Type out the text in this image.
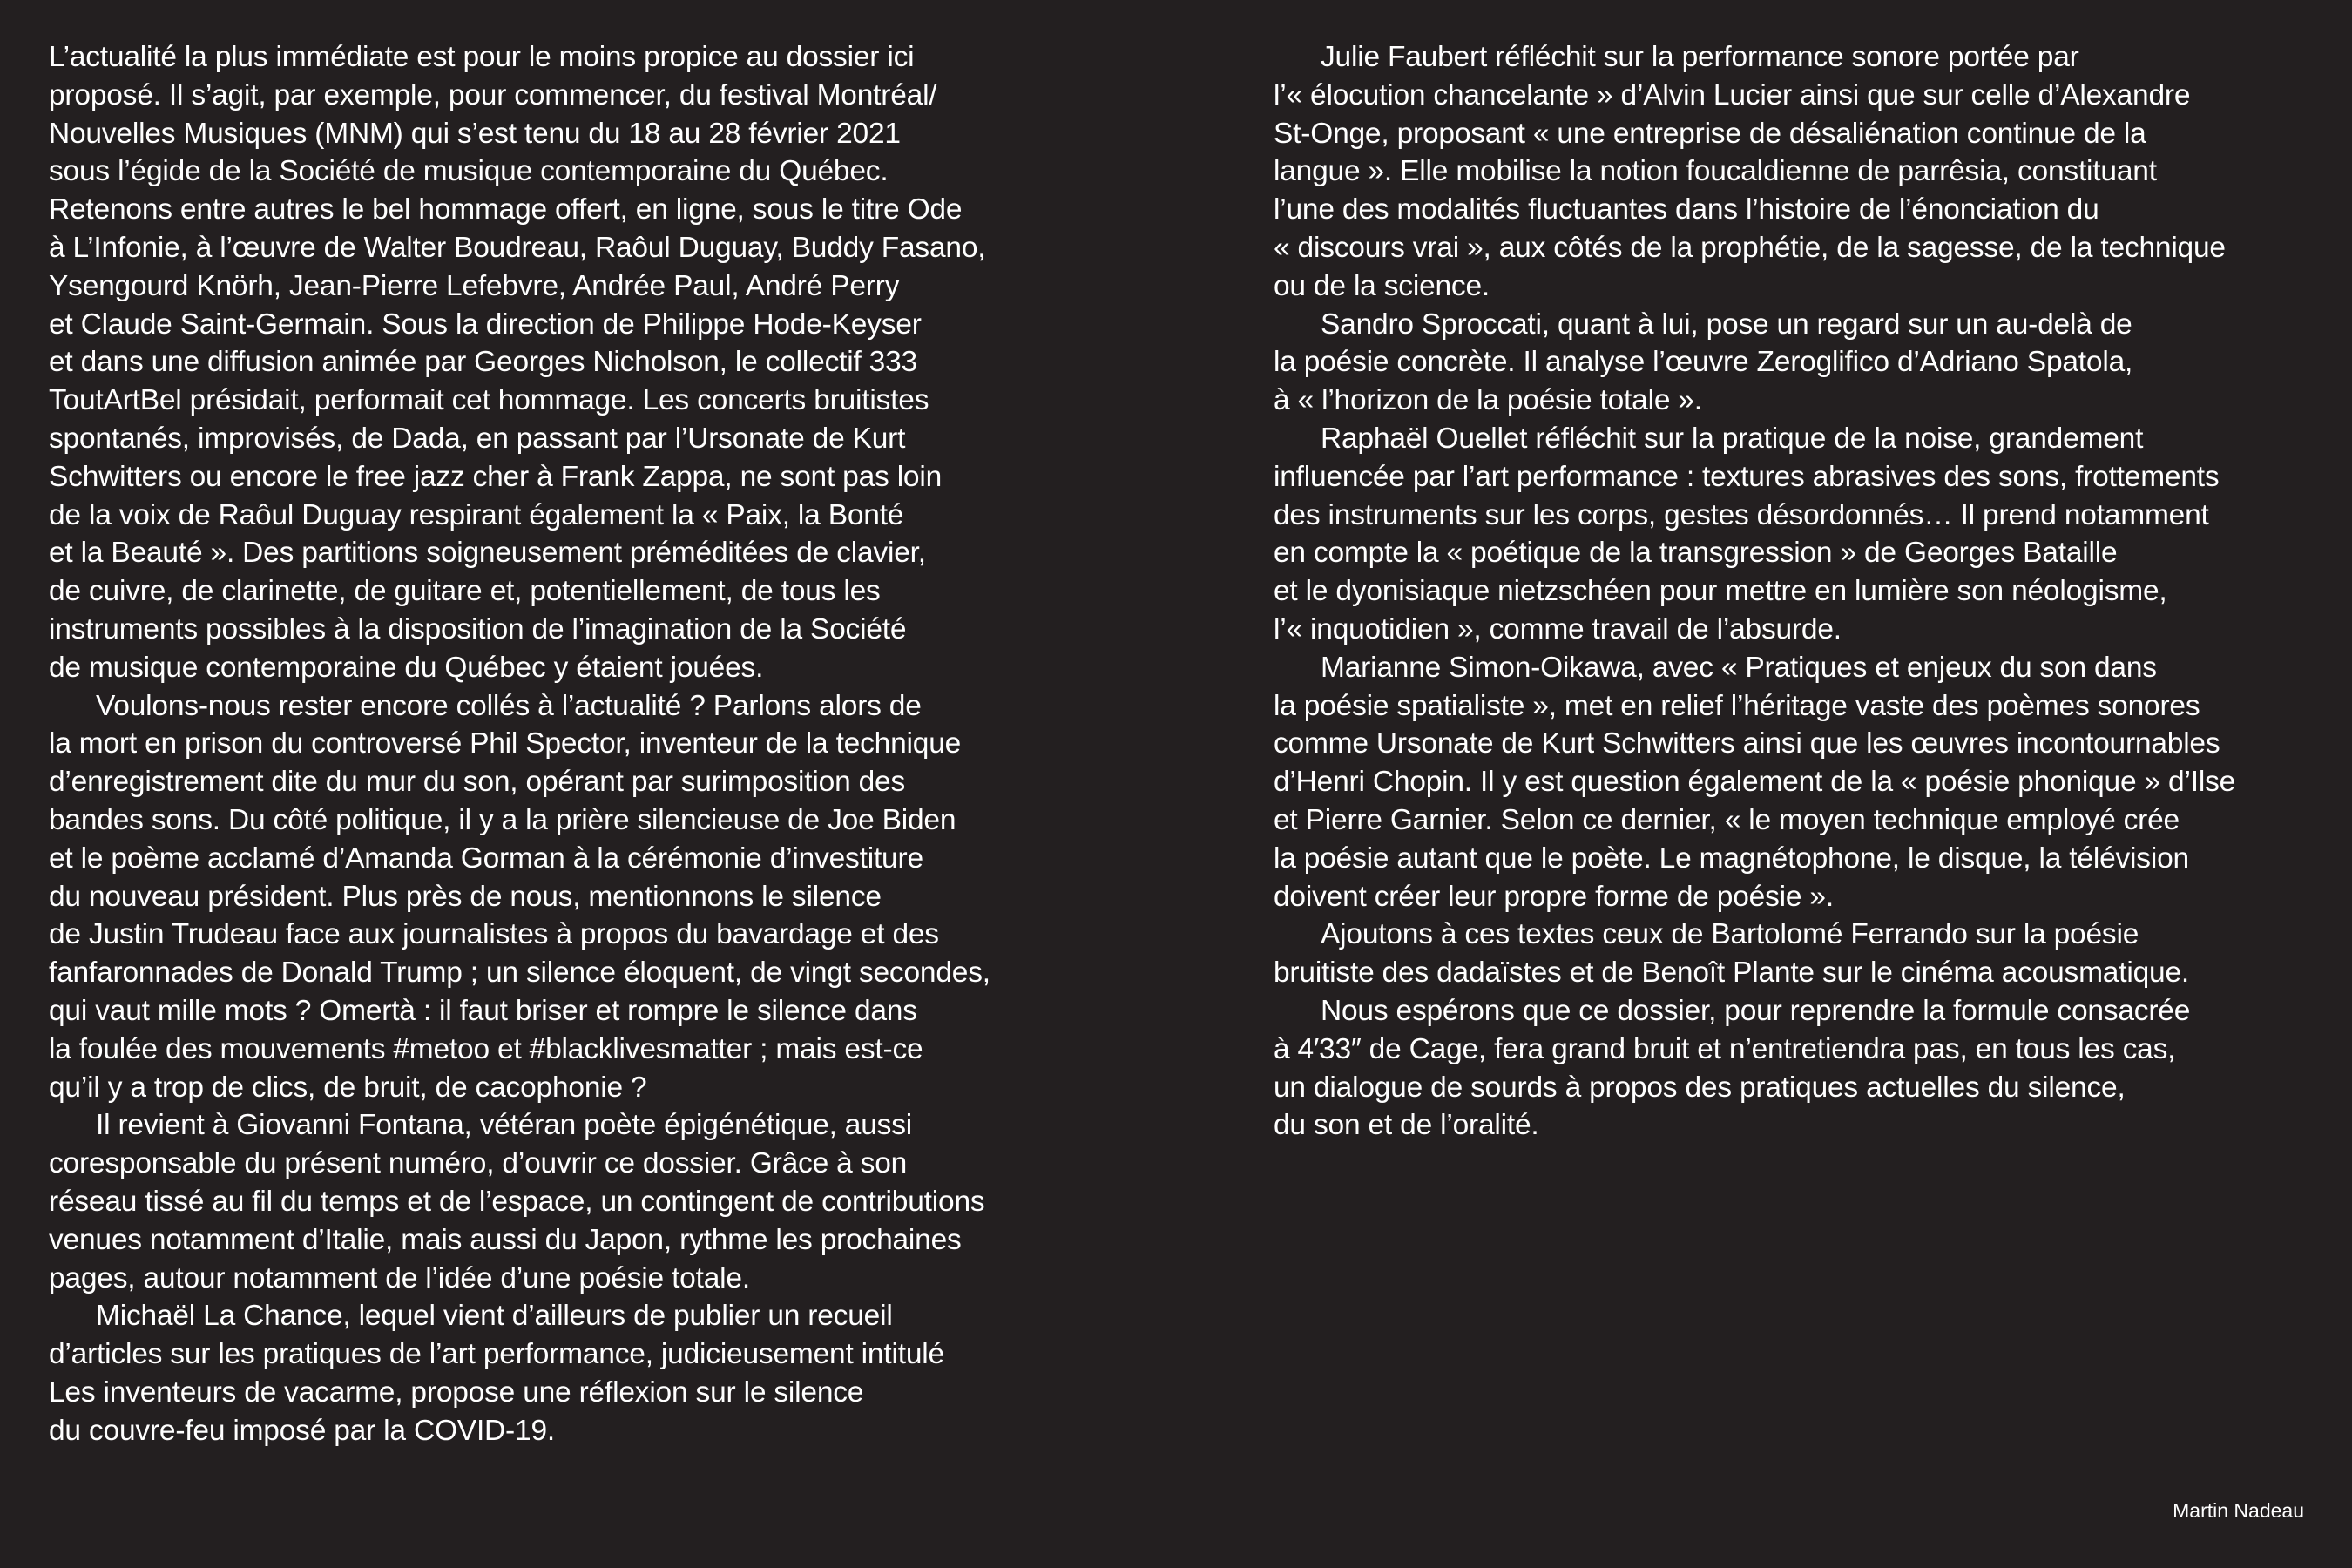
L’actualité la plus immédiate est pour le moins propice au dossier ici
proposé. Il s’agit, par exemple, pour commencer, du festival Montréal/
Nouvelles Musiques (MNM) qui s’est tenu du 18 au 28 février 2021
sous l’égide de la Société de musique contemporaine du Québec.
Retenons entre autres le bel hommage offert, en ligne, sous le titre Ode
à L’Infonie, à l’œuvre de Walter Boudreau, Raôul Duguay, Buddy Fasano,
Ysengourd Knörh, Jean-Pierre Lefebvre, Andrée Paul, André Perry
et Claude Saint-Germain. Sous la direction de Philippe Hode-Keyser
et dans une diffusion animée par Georges Nicholson, le collectif 333
ToutArtBel présidait, performait cet hommage. Les concerts bruitistes
spontanés, improvisés, de Dada, en passant par l’Ursonate de Kurt
Schwitters ou encore le free jazz cher à Frank Zappa, ne sont pas loin
de la voix de Raôul Duguay respirant également la « Paix, la Bonté
et la Beauté ». Des partitions soigneusement préméditées de clavier,
de cuivre, de clarinette, de guitare et, potentiellement, de tous les
instruments possibles à la disposition de l’imagination de la Société
de musique contemporaine du Québec y étaient jouées.
Voulons-nous rester encore collés à l’actualité ? Parlons alors de
la mort en prison du controversé Phil Spector, inventeur de la technique
d’enregistrement dite du mur du son, opérant par surimposition des
bandes sons. Du côté politique, il y a la prière silencieuse de Joe Biden
et le poème acclamé d’Amanda Gorman à la cérémonie d’investiture
du nouveau président. Plus près de nous, mentionnons le silence
de Justin Trudeau face aux journalistes à propos du bavardage et des
fanfaronnades de Donald Trump ; un silence éloquent, de vingt secondes,
qui vaut mille mots ? Omertà : il faut briser et rompre le silence dans
la foulée des mouvements #metoo et #blacklivesmatter ; mais est-ce
qu’il y a trop de clics, de bruit, de cacophonie ?
Il revient à Giovanni Fontana, vétéran poète épigénétique, aussi
coresponsable du présent numéro, d’ouvrir ce dossier. Grâce à son
réseau tissé au fil du temps et de l’espace, un contingent de contributions
venues notamment d’Italie, mais aussi du Japon, rythme les prochaines
pages, autour notamment de l’idée d’une poésie totale.
Michaël La Chance, lequel vient d’ailleurs de publier un recueil
d’articles sur les pratiques de l’art performance, judicieusement intitulé
Les inventeurs de vacarme, propose une réflexion sur le silence
du couvre-feu imposé par la COVID-19.
Julie Faubert réfléchit sur la performance sonore portée par
l’« élocution chancelante » d’Alvin Lucier ainsi que sur celle d’Alexandre
St-Onge, proposant « une entreprise de désaliénation continue de la
langue ». Elle mobilise la notion foucaldienne de parrêsia, constituant
l’une des modalités fluctuantes dans l’histoire de l’énonciation du
« discours vrai », aux côtés de la prophétie, de la sagesse, de la technique
ou de la science.
Sandro Sproccati, quant à lui, pose un regard sur un au-delà de
la poésie concrète. Il analyse l’œuvre Zeroglifico d’Adriano Spatola,
à « l’horizon de la poésie totale ».
Raphaël Ouellet réfléchit sur la pratique de la noise, grandement
influencée par l’art performance : textures abrasives des sons, frottements
des instruments sur les corps, gestes désordonnés… Il prend notamment
en compte la « poétique de la transgression » de Georges Bataille
et le dyonisiaque nietzschéen pour mettre en lumière son néologisme,
l’« inquotidien », comme travail de l’absurde.
Marianne Simon-Oikawa, avec « Pratiques et enjeux du son dans
la poésie spatialiste », met en relief l’héritage vaste des poèmes sonores
comme Ursonate de Kurt Schwitters ainsi que les œuvres incontournables
d’Henri Chopin. Il y est question également de la « poésie phonique » d’Ilse
et Pierre Garnier. Selon ce dernier, « le moyen technique employé crée
la poésie autant que le poète. Le magnétophone, le disque, la télévision
doivent créer leur propre forme de poésie ».
Ajoutons à ces textes ceux de Bartolomé Ferrando sur la poésie
bruitiste des dadaïstes et de Benoît Plante sur le cinéma acousmatique.
Nous espérons que ce dossier, pour reprendre la formule consacrée
à 4′33″ de Cage, fera grand bruit et n’entretiendra pas, en tous les cas,
un dialogue de sourds à propos des pratiques actuelles du silence,
du son et de l’oralité.
Martin Nadeau
